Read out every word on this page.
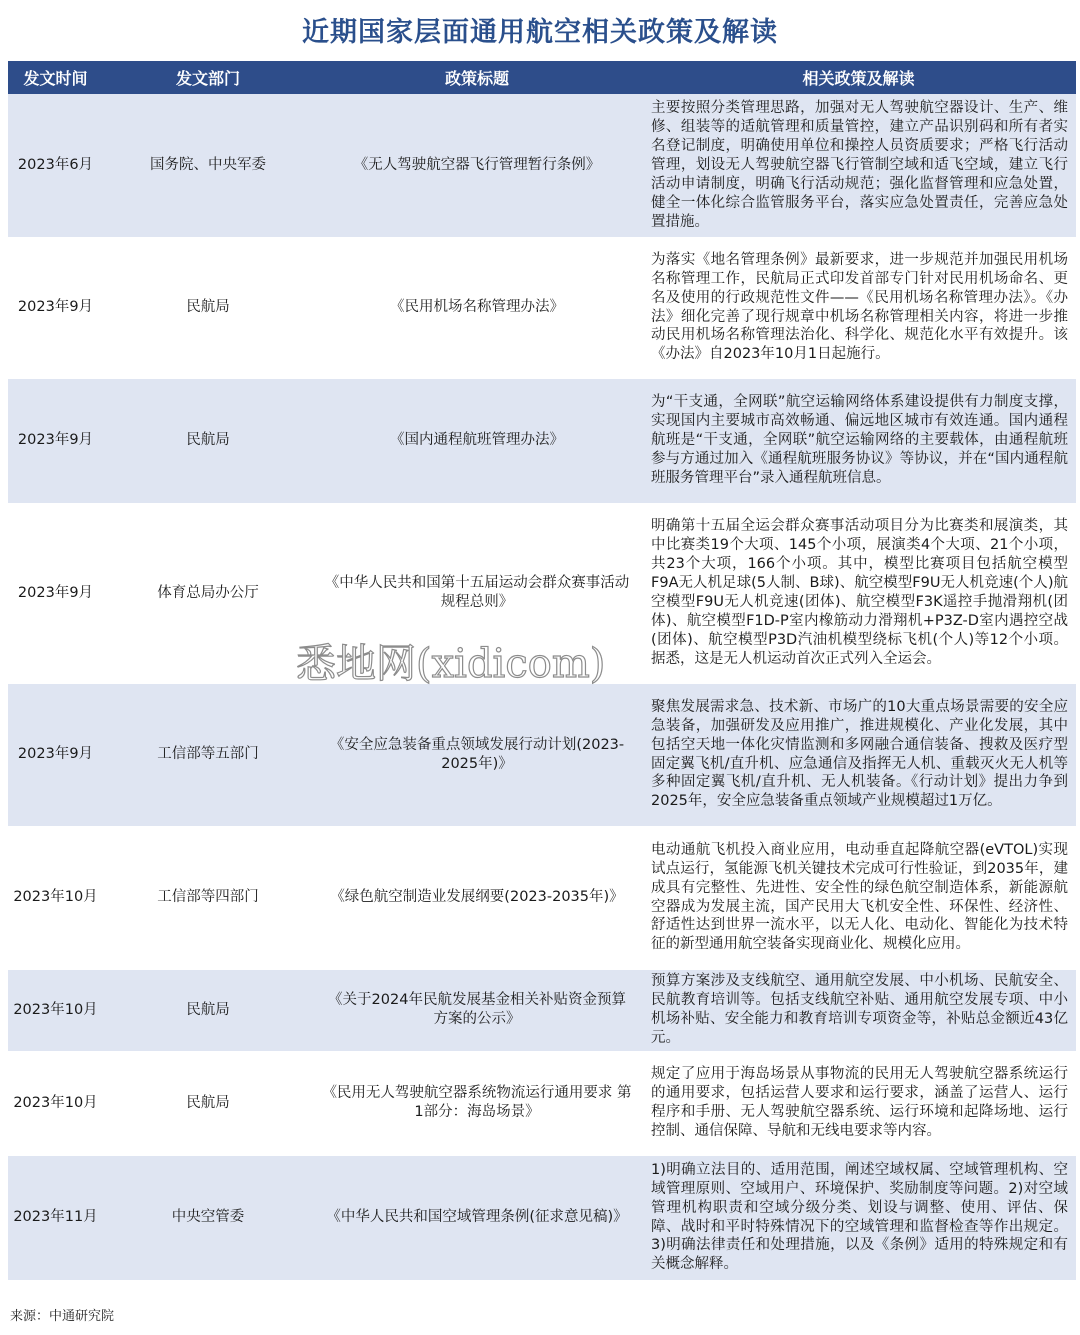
近期国家层面通用航空相关政策及解读
发文时间	发文部门	政策标题	相关政策及解读
2023年6月	国务院、中央军委	《无人驾驶航空器飞行管理暂行条例》	主要按照分类管理思路，加强对无人驾驶航空器设计、生产、维修、组装等的适航管理和质量管控，建立产品识别码和所有者实名登记制度，明确使用单位和操控人员资质要求；严格飞行活动管理，划设无人驾驶航空器飞行管制空域和适飞空域，建立飞行活动申请制度，明确飞行活动规范；强化监督管理和应急处置，健全一体化综合监管服务平台，落实应急处置责任，完善应急处置措施。
2023年9月	民航局	《民用机场名称管理办法》	为落实《地名管理条例》最新要求，进一步规范并加强民用机场名称管理工作，民航局正式印发首部专门针对民用机场命名、更名及使用的行政规范性文件——《民用机场名称管理办法》。《办法》细化完善了现行规章中机场名称管理相关内容，将进一步推动民用机场名称管理法治化、科学化、规范化水平有效提升。该《办法》自2023年10月1日起施行。
2023年9月	民航局	《国内通程航班管理办法》	为“干支通，全网联”航空运输网络体系建设提供有力制度支撑，实现国内主要城市高效畅通、偏远地区城市有效连通。国内通程航班是“干支通，全网联”航空运输网络的主要载体，由通程航班参与方通过加入《通程航班服务协议》等协议，并在“国内通程航班服务管理平台”录入通程航班信息。
2023年9月	体育总局办公厅	《中华人民共和国第十五届运动会群众赛事活动规程总则》	明确第十五届全运会群众赛事活动项目分为比赛类和展演类，其中比赛类19个大项、145个小项，展演类4个大项、21个小项，共23个大项，166个小项。其中，模型比赛项目包括航空模型F9A无人机足球(5人制、B球)、航空模型F9U无人机竞速(个人)航空模型F9U无人机竞速(团体)、航空模型F3K遥控手抛滑翔机(团体)、航空模型F1D-P室内橡筋动力滑翔机+P3Z-D室内遇控空战(团体)、航空模型P3D汽油机模型绕标飞机(个人)等12个小项。据悉，这是无人机运动首次正式列入全运会。
2023年9月	工信部等五部门	《安全应急装备重点领域发展行动计划(2023-2025年)》	聚焦发展需求急、技术新、市场广的10大重点场景需要的安全应急装备，加强研发及应用推广，推进规模化、产业化发展，其中包括空天地一体化灾情监测和多网融合通信装备、搜救及医疗型固定翼飞机/直升机、应急通信及指挥无人机、重载灭火无人机等多种固定翼飞机/直升机、无人机装备。《行动计划》提出力争到2025年，安全应急装备重点领域产业规模超过1万亿。
2023年10月	工信部等四部门	《绿色航空制造业发展纲要(2023-2035年)》	电动通航飞机投入商业应用，电动垂直起降航空器(eVTOL)实现试点运行，氢能源飞机关键技术完成可行性验证，到2035年，建成具有完整性、先进性、安全性的绿色航空制造体系，新能源航空器成为发展主流，国产民用大飞机安全性、环保性、经济性、舒适性达到世界一流水平，以无人化、电动化、智能化为技术特征的新型通用航空装备实现商业化、规模化应用。
2023年10月	民航局	《关于2024年民航发展基金相关补贴资金预算方案的公示》	预算方案涉及支线航空、通用航空发展、中小机场、民航安全、民航教育培训等。包括支线航空补贴、通用航空发展专项、中小机场补贴、安全能力和教育培训专项资金等，补贴总金额近43亿元。
2023年10月	民航局	《民用无人驾驶航空器系统物流运行通用要求 第1部分：海岛场景》	规定了应用于海岛场景从事物流的民用无人驾驶航空器系统运行的通用要求，包括运营人要求和运行要求，涵盖了运营人、运行程序和手册、无人驾驶航空器系统、运行环境和起降场地、运行控制、通信保障、导航和无线电要求等内容。
2023年11月	中央空管委	《中华人民共和国空域管理条例(征求意见稿)》	1)明确立法目的、适用范围，阐述空域权属、空域管理机构、空域管理原则、空域用户、环境保护、奖励制度等问题。2)对空域管理机构职责和空域分级分类、划设与调整、使用、评估、保障、战时和平时特殊情况下的空域管理和监督检查等作出规定。3)明确法律责任和处理措施，以及《条例》适用的特殊规定和有关概念解释。
悉地网(xidicom)
来源：中通研究院
